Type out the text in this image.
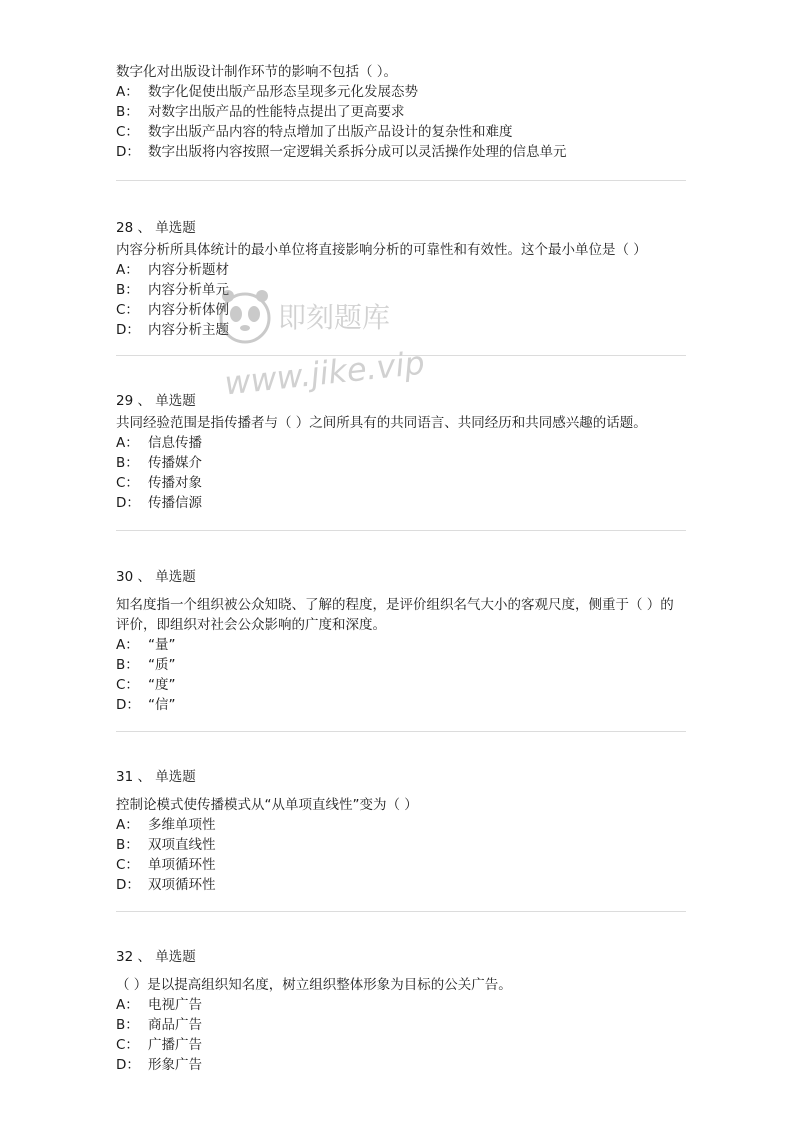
数字化对出版设计制作环节的影响不包括（ ）。
A： 数字化促使出版产品形态呈现多元化发展态势
B： 对数字出版产品的性能特点提出了更高要求
C： 数字出版产品内容的特点增加了出版产品设计的复杂性和难度
D： 数字出版将内容按照一定逻辑关系拆分成可以灵活操作处理的信息单元
28 、 单选题
内容分析所具体统计的最小单位将直接影响分析的可靠性和有效性。这个最小单位是（ ）
A： 内容分析题材
B： 内容分析单元
C： 内容分析体例
D： 内容分析主题
29 、 单选题
共同经验范围是指传播者与（ ）之间所具有的共同语言、共同经历和共同感兴趣的话题。
A： 信息传播
B： 传播媒介
C： 传播对象
D： 传播信源
30 、 单选题
知名度指一个组织被公众知晓、了解的程度，是评价组织名气大小的客观尺度，侧重于（ ）的评价，即组织对社会公众影响的广度和深度。
A： “量”
B： “质”
C： “度”
D： “信”
31 、 单选题
控制论模式使传播模式从“从单项直线性”变为（ ）
A： 多维单项性
B： 双项直线性
C： 单项循环性
D： 双项循环性
32 、 单选题
（ ）是以提高组织知名度，树立组织整体形象为目标的公关广告。
A： 电视广告
B： 商品广告
C： 广播广告
D： 形象广告
即刻题库
www.jike.vip
